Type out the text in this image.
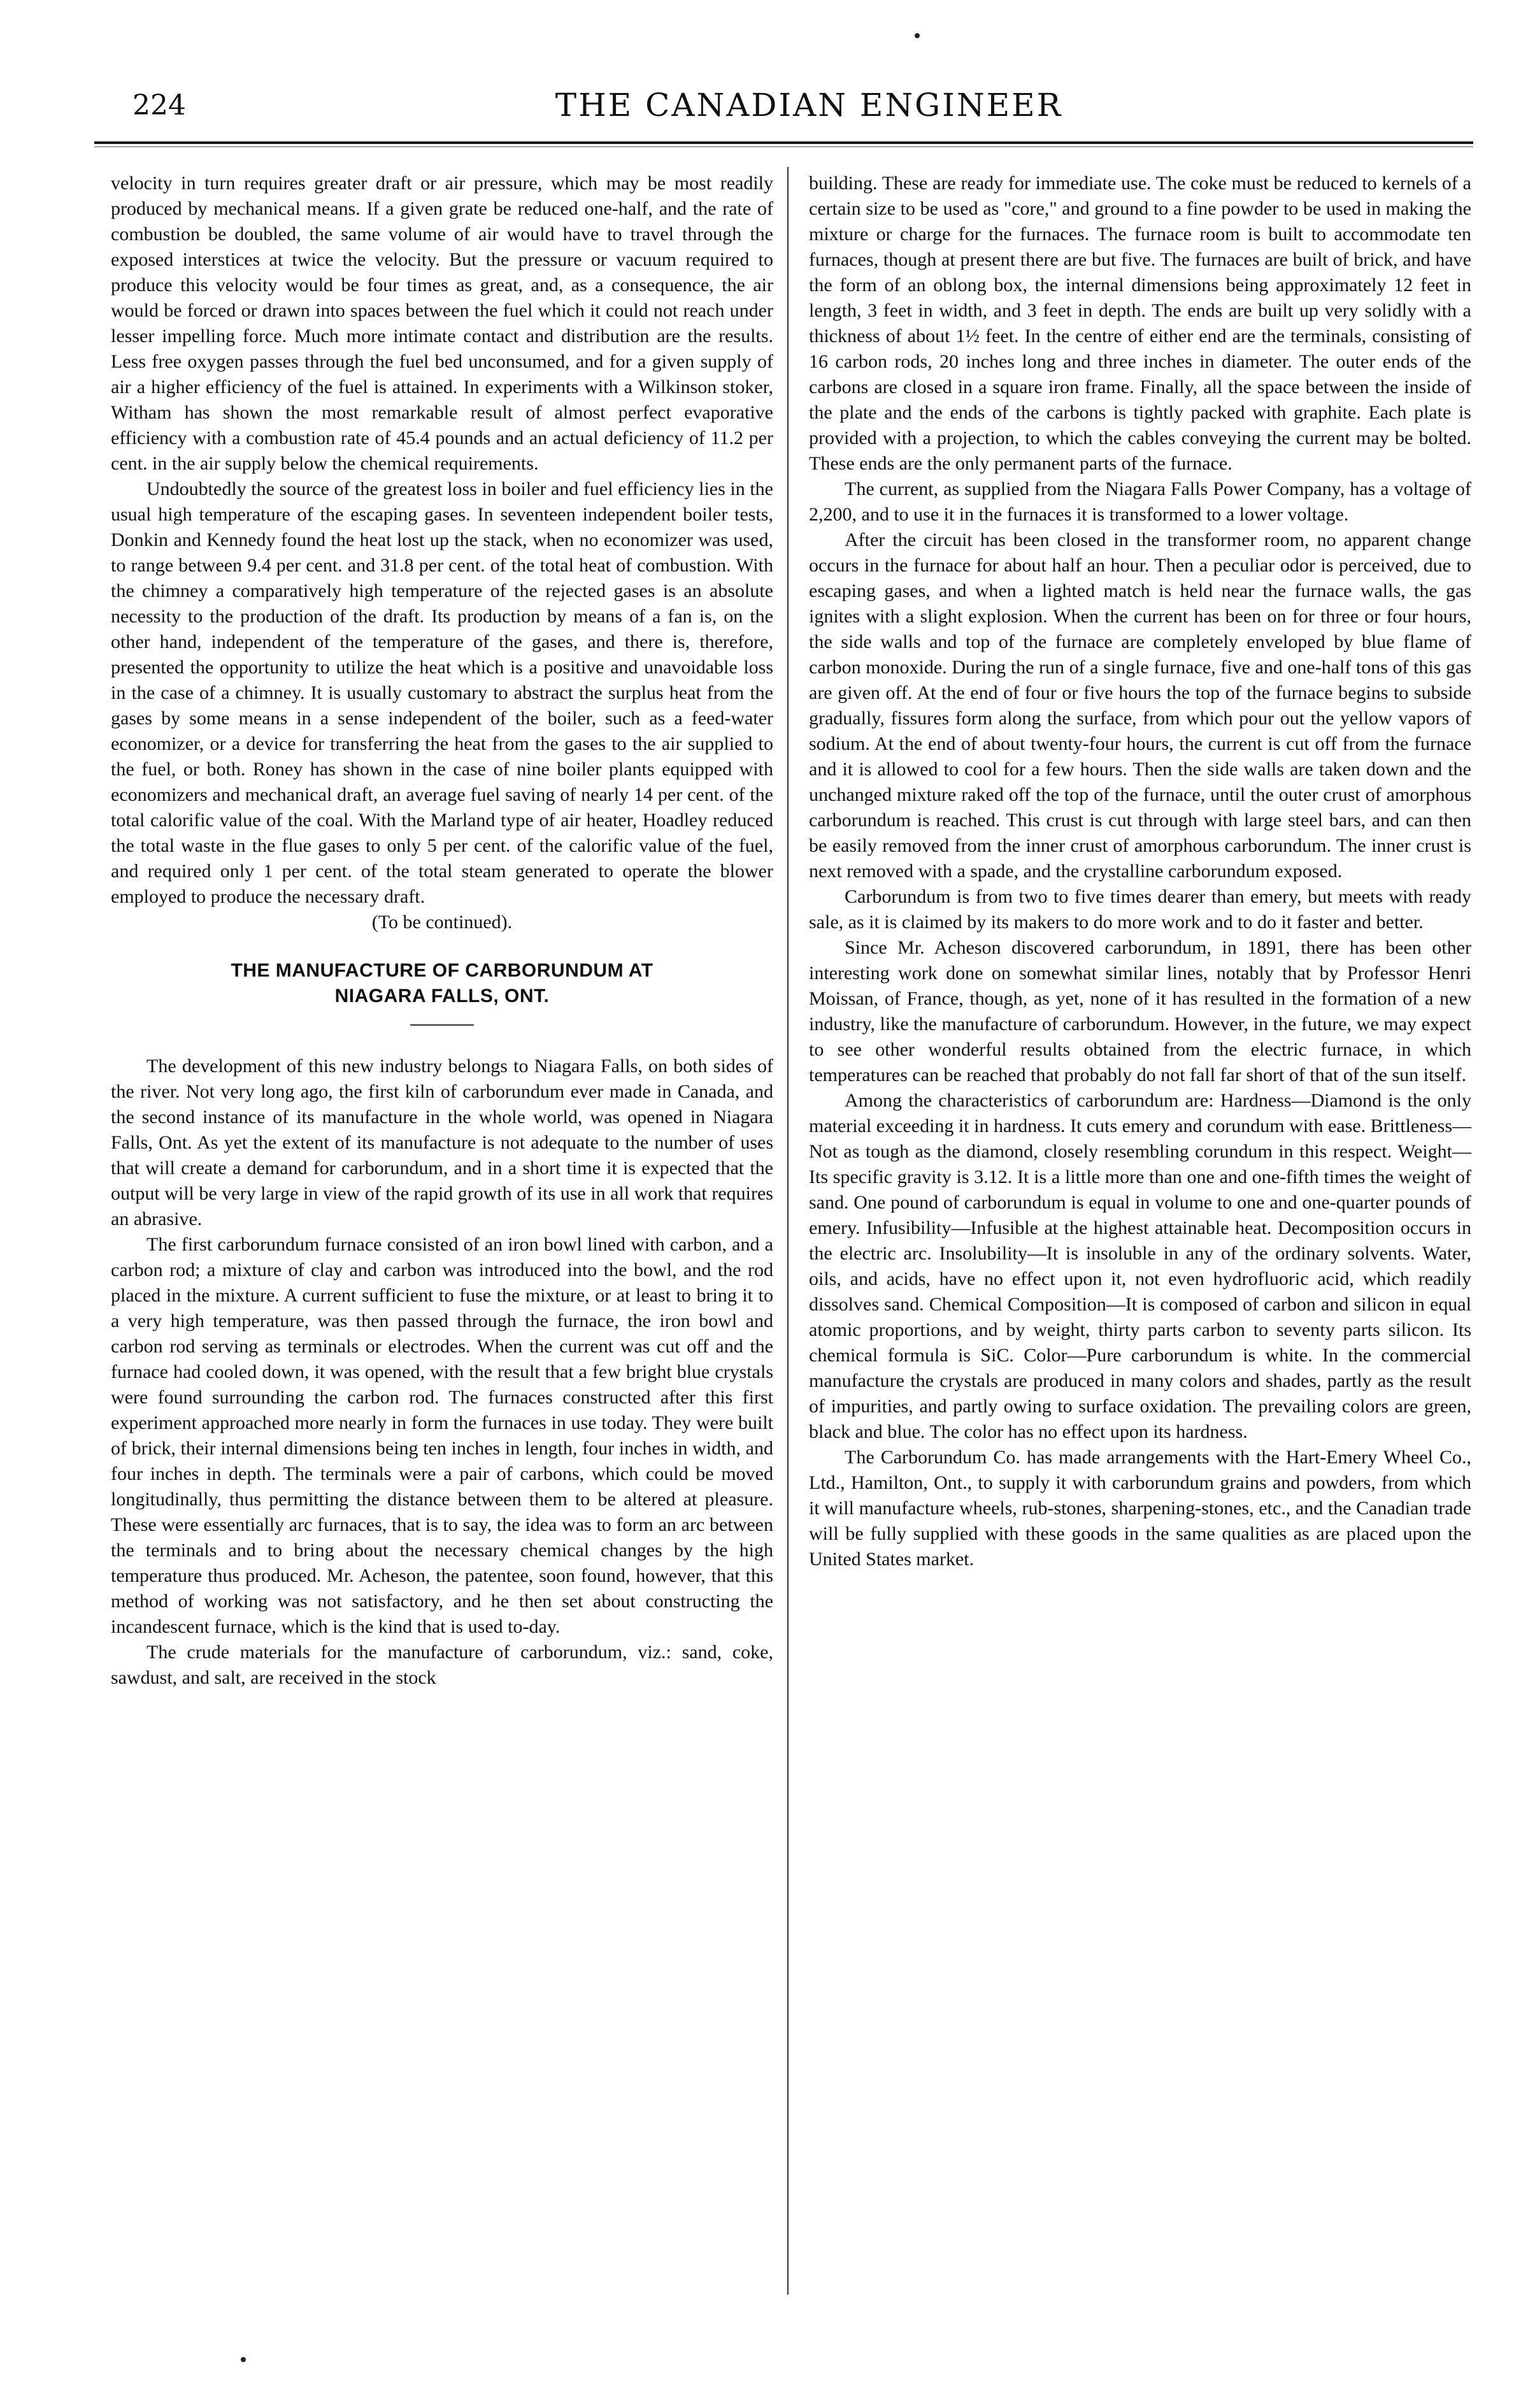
224	THE CANADIAN ENGINEER

velocity in turn requires greater draft or air pressure, which may be most readily produced by mechanical means. If a given grate be reduced one-half, and the rate of combustion be doubled, the same volume of air would have to travel through the exposed interstices at twice the velocity. But the pressure or vacuum required to produce this velocity would be four times as great, and, as a consequence, the air would be forced or drawn into spaces between the fuel which it could not reach under lesser impelling force. Much more intimate contact and distribution are the results. Less free oxygen passes through the fuel bed unconsumed, and for a given supply of air a higher efficiency of the fuel is attained. In experiments with a Wilkinson stoker, Witham has shown the most remarkable result of almost perfect evaporative efficiency with a combustion rate of 45.4 pounds and an actual deficiency of 11.2 per cent. in the air supply below the chemical requirements.

Undoubtedly the source of the greatest loss in boiler and fuel efficiency lies in the usual high temperature of the escaping gases. In seventeen independent boiler tests, Donkin and Kennedy found the heat lost up the stack, when no economizer was used, to range between 9.4 per cent. and 31.8 per cent. of the total heat of combustion. With the chimney a comparatively high temperature of the rejected gases is an absolute necessity to the production of the draft. Its production by means of a fan is, on the other hand, independent of the temperature of the gases, and there is, therefore, presented the opportunity to utilize the heat which is a positive and unavoidable loss in the case of a chimney. It is usually customary to abstract the surplus heat from the gases by some means in a sense independent of the boiler, such as a feed-water economizer, or a device for transferring the heat from the gases to the air supplied to the fuel, or both. Roney has shown in the case of nine boiler plants equipped with economizers and mechanical draft, an average fuel saving of nearly 14 per cent. of the total calorific value of the coal. With the Marland type of air heater, Hoadley reduced the total waste in the flue gases to only 5 per cent. of the calorific value of the fuel, and required only 1 per cent. of the total steam generated to operate the blower employed to produce the necessary draft.

(To be continued).

THE MANUFACTURE OF CARBORUNDUM AT
NIAGARA FALLS, ONT.

The development of this new industry belongs to Niagara Falls, on both sides of the river. Not very long ago, the first kiln of carborundum ever made in Canada, and the second instance of its manufacture in the whole world, was opened in Niagara Falls, Ont. As yet the extent of its manufacture is not adequate to the number of uses that will create a demand for carborundum, and in a short time it is expected that the output will be very large in view of the rapid growth of its use in all work that requires an abrasive.

The first carborundum furnace consisted of an iron bowl lined with carbon, and a carbon rod; a mixture of clay and carbon was introduced into the bowl, and the rod placed in the mixture. A current sufficient to fuse the mixture, or at least to bring it to a very high temperature, was then passed through the furnace, the iron bowl and carbon rod serving as terminals or electrodes. When the current was cut off and the furnace had cooled down, it was opened, with the result that a few bright blue crystals were found surrounding the carbon rod. The furnaces constructed after this first experiment approached more nearly in form the furnaces in use today. They were built of brick, their internal dimensions being ten inches in length, four inches in width, and four inches in depth. The terminals were a pair of carbons, which could be moved longitudinally, thus permitting the distance between them to be altered at pleasure. These were essentially arc furnaces, that is to say, the idea was to form an arc between the terminals and to bring about the necessary chemical changes by the high temperature thus produced. Mr. Acheson, the patentee, soon found, however, that this method of working was not satisfactory, and he then set about constructing the incandescent furnace, which is the kind that is used to-day.

The crude materials for the manufacture of carborundum, viz.: sand, coke, sawdust, and salt, are received in the stock

building. These are ready for immediate use. The coke must be reduced to kernels of a certain size to be used as "core," and ground to a fine powder to be used in making the mixture or charge for the furnaces. The furnace room is built to accommodate ten furnaces, though at present there are but five. The furnaces are built of brick, and have the form of an oblong box, the internal dimensions being approximately 12 feet in length, 3 feet in width, and 3 feet in depth. The ends are built up very solidly with a thickness of about 1½ feet. In the centre of either end are the terminals, consisting of 16 carbon rods, 20 inches long and three inches in diameter. The outer ends of the carbons are closed in a square iron frame. Finally, all the space between the inside of the plate and the ends of the carbons is tightly packed with graphite. Each plate is provided with a projection, to which the cables conveying the current may be bolted. These ends are the only permanent parts of the furnace.

The current, as supplied from the Niagara Falls Power Company, has a voltage of 2,200, and to use it in the furnaces it is transformed to a lower voltage.

After the circuit has been closed in the transformer room, no apparent change occurs in the furnace for about half an hour. Then a peculiar odor is perceived, due to escaping gases, and when a lighted match is held near the furnace walls, the gas ignites with a slight explosion. When the current has been on for three or four hours, the side walls and top of the furnace are completely enveloped by blue flame of carbon monoxide. During the run of a single furnace, five and one-half tons of this gas are given off. At the end of four or five hours the top of the furnace begins to subside gradually, fissures form along the surface, from which pour out the yellow vapors of sodium. At the end of about twenty-four hours, the current is cut off from the furnace and it is allowed to cool for a few hours. Then the side walls are taken down and the unchanged mixture raked off the top of the furnace, until the outer crust of amorphous carborundum is reached. This crust is cut through with large steel bars, and can then be easily removed from the inner crust of amorphous carborundum. The inner crust is next removed with a spade, and the crystalline carborundum exposed.

Carborundum is from two to five times dearer than emery, but meets with ready sale, as it is claimed by its makers to do more work and to do it faster and better.

Since Mr. Acheson discovered carborundum, in 1891, there has been other interesting work done on somewhat similar lines, notably that by Professor Henri Moissan, of France, though, as yet, none of it has resulted in the formation of a new industry, like the manufacture of carborundum. However, in the future, we may expect to see other wonderful results obtained from the electric furnace, in which temperatures can be reached that probably do not fall far short of that of the sun itself.

Among the characteristics of carborundum are: Hardness—Diamond is the only material exceeding it in hardness. It cuts emery and corundum with ease. Brittleness—Not as tough as the diamond, closely resembling corundum in this respect. Weight—Its specific gravity is 3.12. It is a little more than one and one-fifth times the weight of sand. One pound of carborundum is equal in volume to one and one-quarter pounds of emery. Infusibility—Infusible at the highest attainable heat. Decomposition occurs in the electric arc. Insolubility—It is insoluble in any of the ordinary solvents. Water, oils, and acids, have no effect upon it, not even hydrofluoric acid, which readily dissolves sand. Chemical Composition—It is composed of carbon and silicon in equal atomic proportions, and by weight, thirty parts carbon to seventy parts silicon. Its chemical formula is SiC. Color—Pure carborundum is white. In the commercial manufacture the crystals are produced in many colors and shades, partly as the result of impurities, and partly owing to surface oxidation. The prevailing colors are green, black and blue. The color has no effect upon its hardness.

The Carborundum Co. has made arrangements with the Hart-Emery Wheel Co., Ltd., Hamilton, Ont., to supply it with carborundum grains and powders, from which it will manufacture wheels, rub-stones, sharpening-stones, etc., and the Canadian trade will be fully supplied with these goods in the same qualities as are placed upon the United States market.
